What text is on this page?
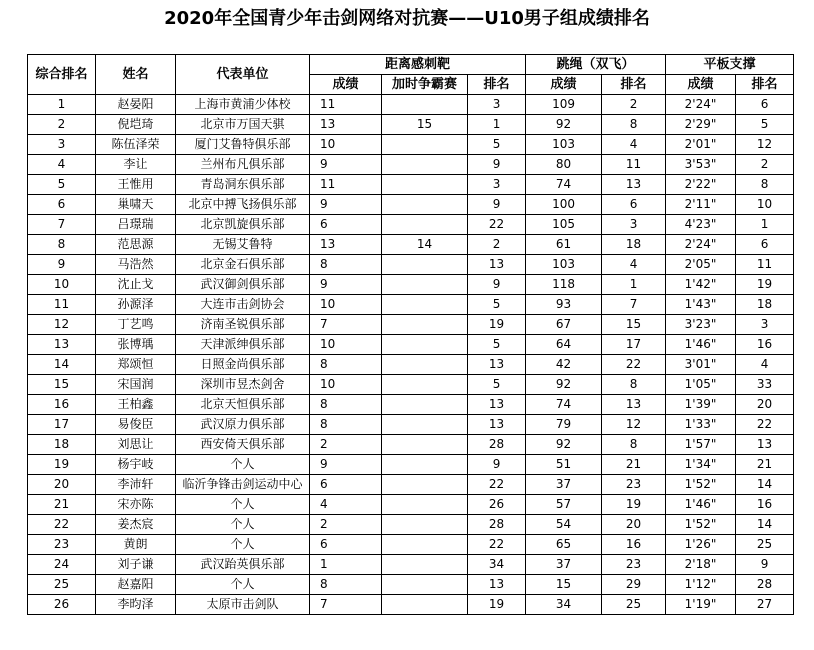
2020年全国青少年击剑网络对抗赛——U10男子组成绩排名
综合排名	姓名	代表单位	距离感刺靶			跳绳（双飞）		平板支撑	
			成绩	加时争霸赛	排名	成绩	排名	成绩	排名
1	赵晏阳	上海市黄浦少体校	11		3	109	2	2'24"	6
2	倪垲琦	北京市万国天骐	13	15	1	92	8	2'29"	5
3	陈伍泽荣	厦门艾鲁特俱乐部	10		5	103	4	2'01"	12
4	李让	兰州布凡俱乐部	9		9	80	11	3'53"	2
5	王惟用	青岛洞东俱乐部	11		3	74	13	2'22"	8
6	巢啸天	北京中搏飞扬俱乐部	9		9	100	6	2'11"	10
7	吕璟瑞	北京凯旋俱乐部	6		22	105	3	4'23"	1
8	范思源	无锡艾鲁特	13	14	2	61	18	2'24"	6
9	马浩然	北京金石俱乐部	8		13	103	4	2'05"	11
10	沈止戈	武汉御剑俱乐部	9		9	118	1	1'42"	19
11	孙源泽	大连市击剑协会	10		5	93	7	1'43"	18
12	丁艺鸣	济南圣锐俱乐部	7		19	67	15	3'23"	3
13	张博瑀	天津派绅俱乐部	10		5	64	17	1'46"	16
14	郑颂恒	日照金尚俱乐部	8		13	42	22	3'01"	4
15	宋国润	深圳市昱杰剑舍	10		5	92	8	1'05"	33
16	王柏鑫	北京天恒俱乐部	8		13	74	13	1'39"	20
17	易俊臣	武汉原力俱乐部	8		13	79	12	1'33"	22
18	刘思让	西安倚天俱乐部	2		28	92	8	1'57"	13
19	杨宇岐	个人	9		9	51	21	1'34"	21
20	李沛轩	临沂争锋击剑运动中心	6		22	37	23	1'52"	14
21	宋亦陈	个人	4		26	57	19	1'46"	16
22	姜杰宸	个人	2		28	54	20	1'52"	14
23	黄朗	个人	6		22	65	16	1'26"	25
24	刘子谦	武汉跆英俱乐部	1		34	37	23	2'18"	9
25	赵嘉阳	个人	8		13	15	29	1'12"	28
26	李昀泽	太原市击剑队	7		19	34	25	1'19"	27
